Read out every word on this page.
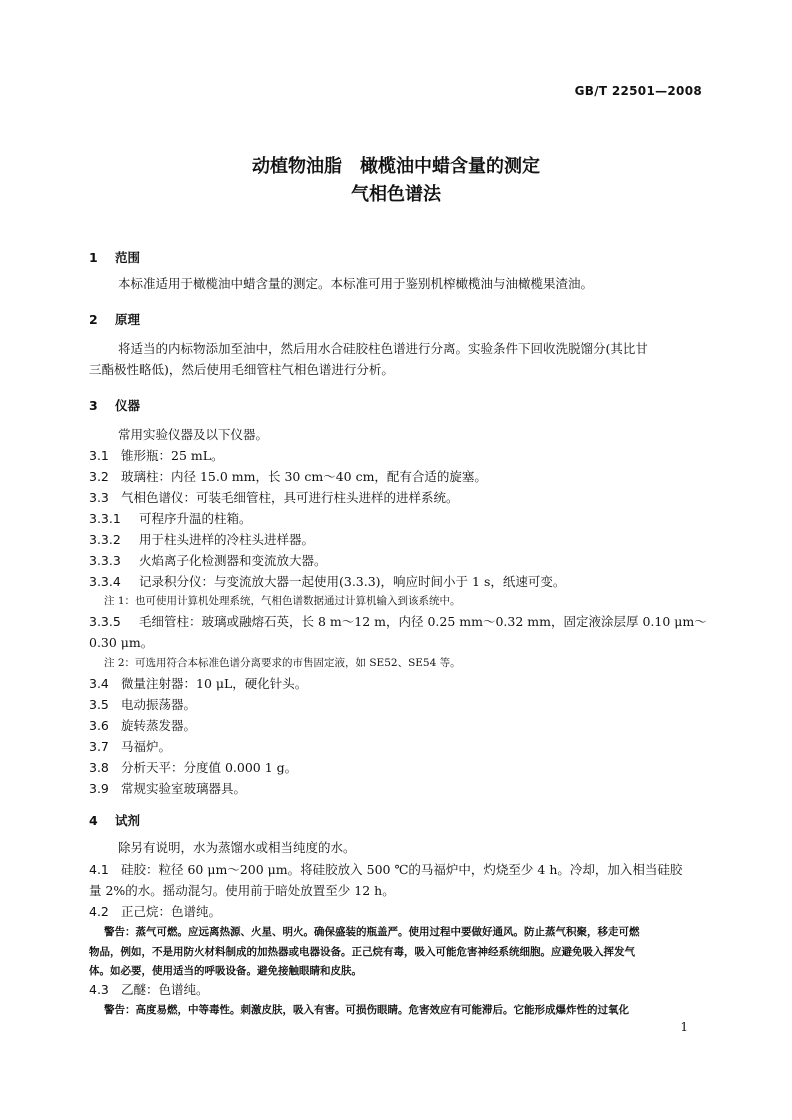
GB/T 22501—2008
动植物油脂　橄榄油中蜡含量的测定
气相色谱法
1 范围
本标准适用于橄榄油中蜡含量的测定。本标准可用于鉴别机榨橄榄油与油橄榄果渣油。
2 原理
将适当的内标物添加至油中，然后用水合硅胶柱色谱进行分离。实验条件下回收洗脱馏分(其比甘
三酯极性略低)，然后使用毛细管柱气相色谱进行分析。
3 仪器
常用实验仪器及以下仪器。
3.1 锥形瓶：25 mL。
3.2 玻璃柱：内径 15.0 mm，长 30 cm～40 cm，配有合适的旋塞。
3.3 气相色谱仪：可装毛细管柱，具可进行柱头进样的进样系统。
3.3.1 可程序升温的柱箱。
3.3.2 用于柱头进样的冷柱头进样器。
3.3.3 火焰离子化检测器和变流放大器。
3.3.4 记录积分仪：与变流放大器一起使用(3.3.3)，响应时间小于 1 s，纸速可变。
注 1：也可使用计算机处理系统，气相色谱数据通过计算机输入到该系统中。
3.3.5 毛细管柱：玻璃或融熔石英，长 8 m～12 m，内径 0.25 mm～0.32 mm，固定液涂层厚 0.10 μm～
0.30 μm。
注 2：可选用符合本标准色谱分离要求的市售固定液，如 SE52、SE54 等。
3.4 微量注射器：10 μL，硬化针头。
3.5 电动振荡器。
3.6 旋转蒸发器。
3.7 马福炉。
3.8 分析天平：分度值 0.000 1 g。
3.9 常规实验室玻璃器具。
4 试剂
除另有说明，水为蒸馏水或相当纯度的水。
4.1 硅胶：粒径 60 μm～200 μm。将硅胶放入 500 ℃的马福炉中，灼烧至少 4 h。冷却，加入相当硅胶
量 2%的水。摇动混匀。使用前于暗处放置至少 12 h。
4.2 正己烷：色谱纯。
警告：蒸气可燃。应远离热源、火星、明火。确保盛装的瓶盖严。使用过程中要做好通风。防止蒸气积聚，移走可燃
物品，例如，不是用防火材料制成的加热器或电器设备。正己烷有毒，吸入可能危害神经系统细胞。应避免吸入挥发气
体。如必要，使用适当的呼吸设备。避免接触眼睛和皮肤。
4.3 乙醚：色谱纯。
警告：高度易燃，中等毒性。刺激皮肤，吸入有害。可损伤眼睛。危害效应有可能滞后。它能形成爆炸性的过氧化
1
